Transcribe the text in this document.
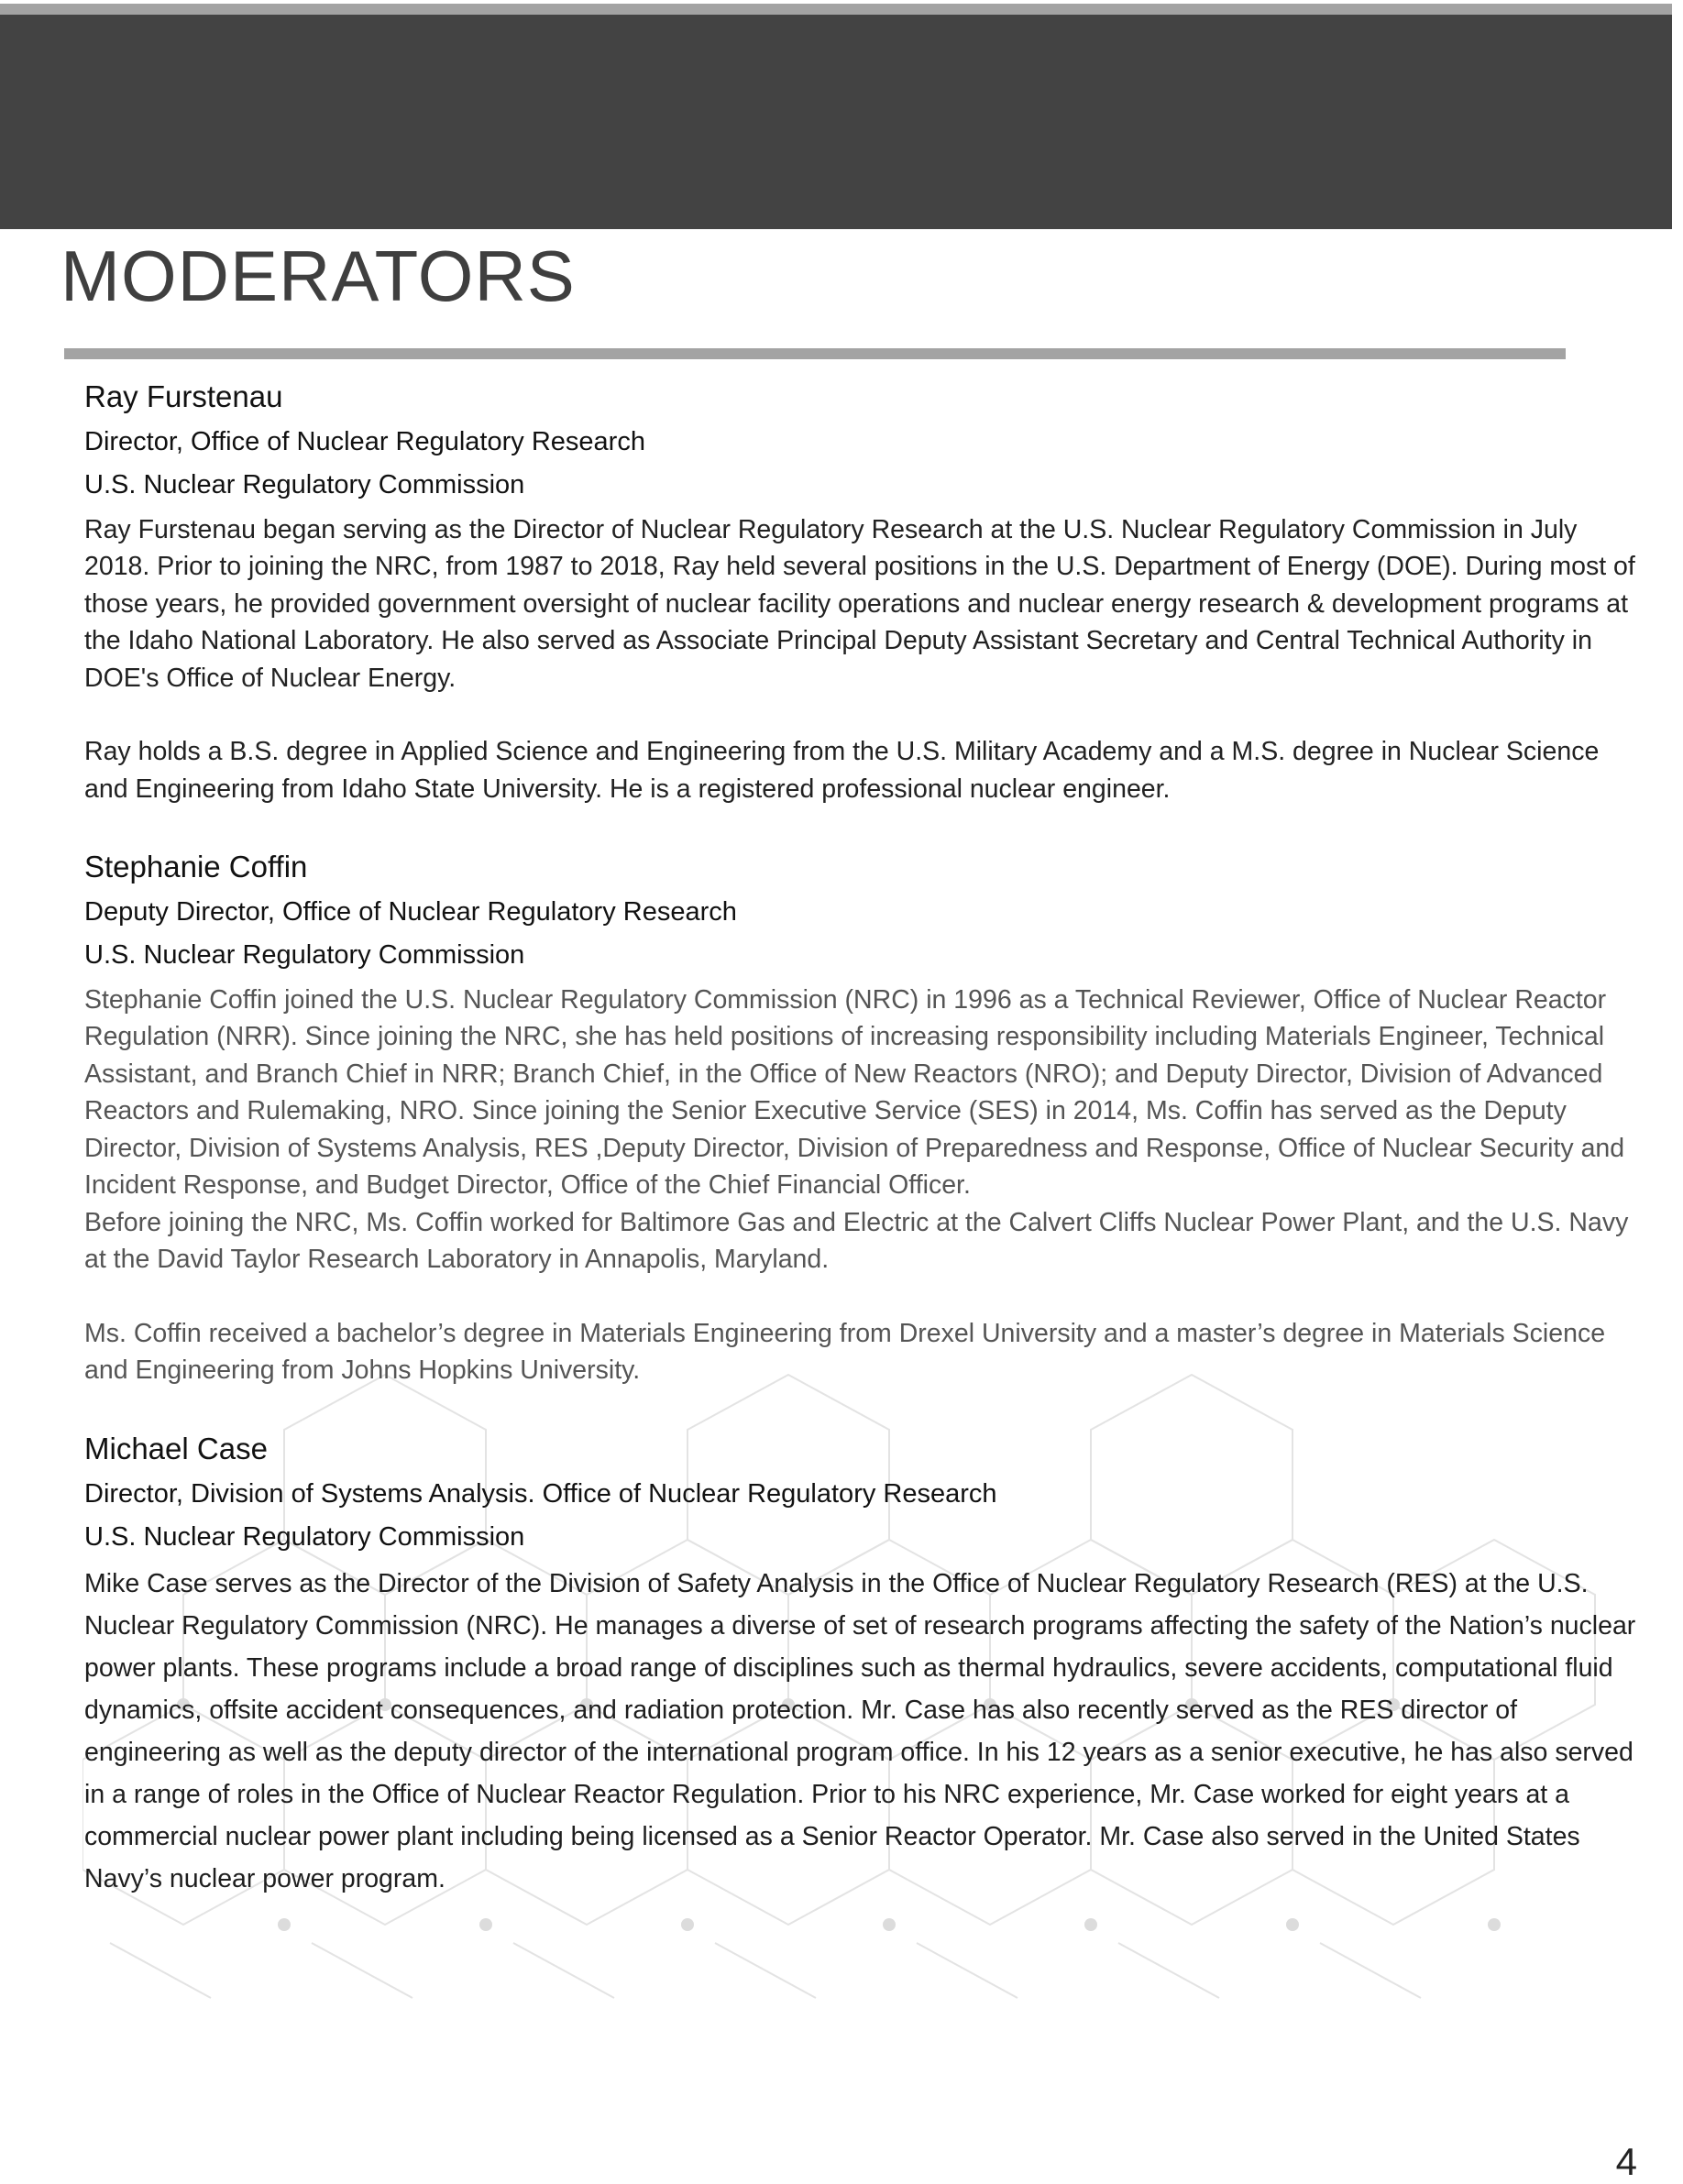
MODERATORS

Ray Furstenau

Director, Office of Nuclear Regulatory Research

U.S. Nuclear Regulatory Commission

Ray Furstenau began serving as the Director of Nuclear Regulatory Research at the U.S. Nuclear Regulatory Commission in July 2018. Prior to joining the NRC, from 1987 to 2018, Ray held several positions in the U.S. Department of Energy (DOE). During most of those years, he provided government oversight of nuclear facility operations and nuclear energy research & development programs at the Idaho National Laboratory. He also served as Associate Principal Deputy Assistant Secretary and Central Technical Authority in DOE's Office of Nuclear Energy.

Ray holds a B.S. degree in Applied Science and Engineering from the U.S. Military Academy and a M.S. degree in Nuclear Science and Engineering from Idaho State University. He is a registered professional nuclear engineer.

Stephanie Coffin

Deputy Director, Office of Nuclear Regulatory Research

U.S. Nuclear Regulatory Commission

Stephanie Coffin joined the U.S. Nuclear Regulatory Commission (NRC) in 1996 as a Technical Reviewer, Office of Nuclear Reactor Regulation (NRR). Since joining the NRC, she has held positions of increasing responsibility including Materials Engineer, Technical Assistant, and Branch Chief in NRR; Branch Chief, in the Office of New Reactors (NRO); and Deputy Director, Division of Advanced Reactors and Rulemaking, NRO. Since joining the Senior Executive Service (SES) in 2014, Ms. Coffin has served as the Deputy Director, Division of Systems Analysis, RES ,Deputy Director, Division of Preparedness and Response, Office of Nuclear Security and Incident Response, and Budget Director, Office of the Chief Financial Officer.

Before joining the NRC, Ms. Coffin worked for Baltimore Gas and Electric at the Calvert Cliffs Nuclear Power Plant, and the U.S. Navy at the David Taylor Research Laboratory in Annapolis, Maryland.

Ms. Coffin received a bachelor’s degree in Materials Engineering from Drexel University and a master’s degree in Materials Science and Engineering from Johns Hopkins University.

Michael Case

Director, Division of Systems Analysis. Office of Nuclear Regulatory Research

U.S. Nuclear Regulatory Commission

Mike Case serves as the Director of the Division of Safety Analysis in the Office of Nuclear Regulatory Research (RES) at the U.S. Nuclear Regulatory Commission (NRC). He manages a diverse of set of research programs affecting the safety of the Nation’s nuclear power plants. These programs include a broad range of disciplines such as thermal hydraulics, severe accidents, computational fluid dynamics, offsite accident consequences, and radiation protection. Mr. Case has also recently served as the RES director of engineering as well as the deputy director of the international program office. In his 12 years as a senior executive, he has also served in a range of roles in the Office of Nuclear Reactor Regulation. Prior to his NRC experience, Mr. Case worked for eight years at a commercial nuclear power plant including being licensed as a Senior Reactor Operator. Mr. Case also served in the United States Navy’s nuclear power program.

4
